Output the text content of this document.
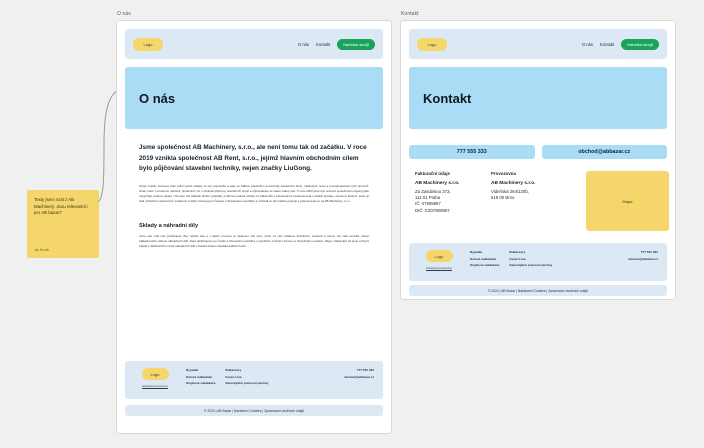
Texty jsem vzal z AB Machinery. Jsou relevantní i pro AB bazar?
Jan Novák
O nás
Logo	O nás Kontakt	Nabídka strojů
O nás

Jsme společnost AB Machinery, s.r.o., ale není tomu tak od začátku. V roce 2019 vznikla společnost AB Rent, s.r.o., jejímž hlavním obchodním cílem bylo půjčování stavební techniky, nejen značky LiuGong.

Stroje značky LiuGong však velmi rychle získaly na své popularitě a staly se zálibou především pomocníky stavebních firem, následným tento a pronajímatelnými jich provozů. Jinak, které i uvedením nabízek, především, že z obrázek půjčovny stavebních strojů a půjčovatelné se stane nákup sítě. V roce 2023 jsme byli oceněni společností Liugong jako nejrychleji rostoucí dealer v Evropě. Na základě těchto výsledků, podřízení jednak razítky od zákazníků a obousměrné spolupracovat v oblasti prodeje, servisu a školení, jsme se stali výhradním duovozcem značkové značky LiuGong pro Českou a Slovenskou republiku a rozhodli se tak značku propojit a přejmenovat se na AB Machinery, s.r.o.

Sklady a náhradní díly

Jsme tam, kde nás potřebujete. Bez ohledu kde a v jakém provozu je nasazení náš stroj, místo od nás vzdáleno bezhlučná, podpora a servis. Na naší centrále máme základnového vlídnou náhradních dílů, které distribujeme po České a Slovenské republice v největším možném termínu a zbytečného poradce. Zájem zákazníků cíli jsme schopni zajistit z distribučního místa náhradních dílů v Polsku během několika dalších hodin.

Logo
Adresa provozovny
Rypadla
Kolové nakladače
Smykové nakladače
Bulldozery
Green Line
Samohybné pracovní plošiny
777 555 333
obchod@abbazar.cz
© 2024 | AB Bazar | Nastavení Cookies | Zpracování osobních údajů
Kontakt
Logo	O nás Kontakt	Nabídka strojů
Kontakt
777 555 333	obchod@abbazar.cz
Fakturační údaje
AB Machinery s.r.o.
Za Zastávkou 373,
111 01 Praha
IČ: 07908857
DIČ: CZ07908857
Provozovna
AB Machinery s.r.o.
Videňská 264/120b,
619 00 Brno
Mapa
Logo
Adresa provozovny
Rypadla
Kolové nakladače
Smykové nakladače
Bulldozery
Green Line
Samohybné pracovní plošiny
777 555 333
obchod@abbazar.cz
© 2024 | AB Bazar | Nastavení Cookies | Zpracování osobních údajů
